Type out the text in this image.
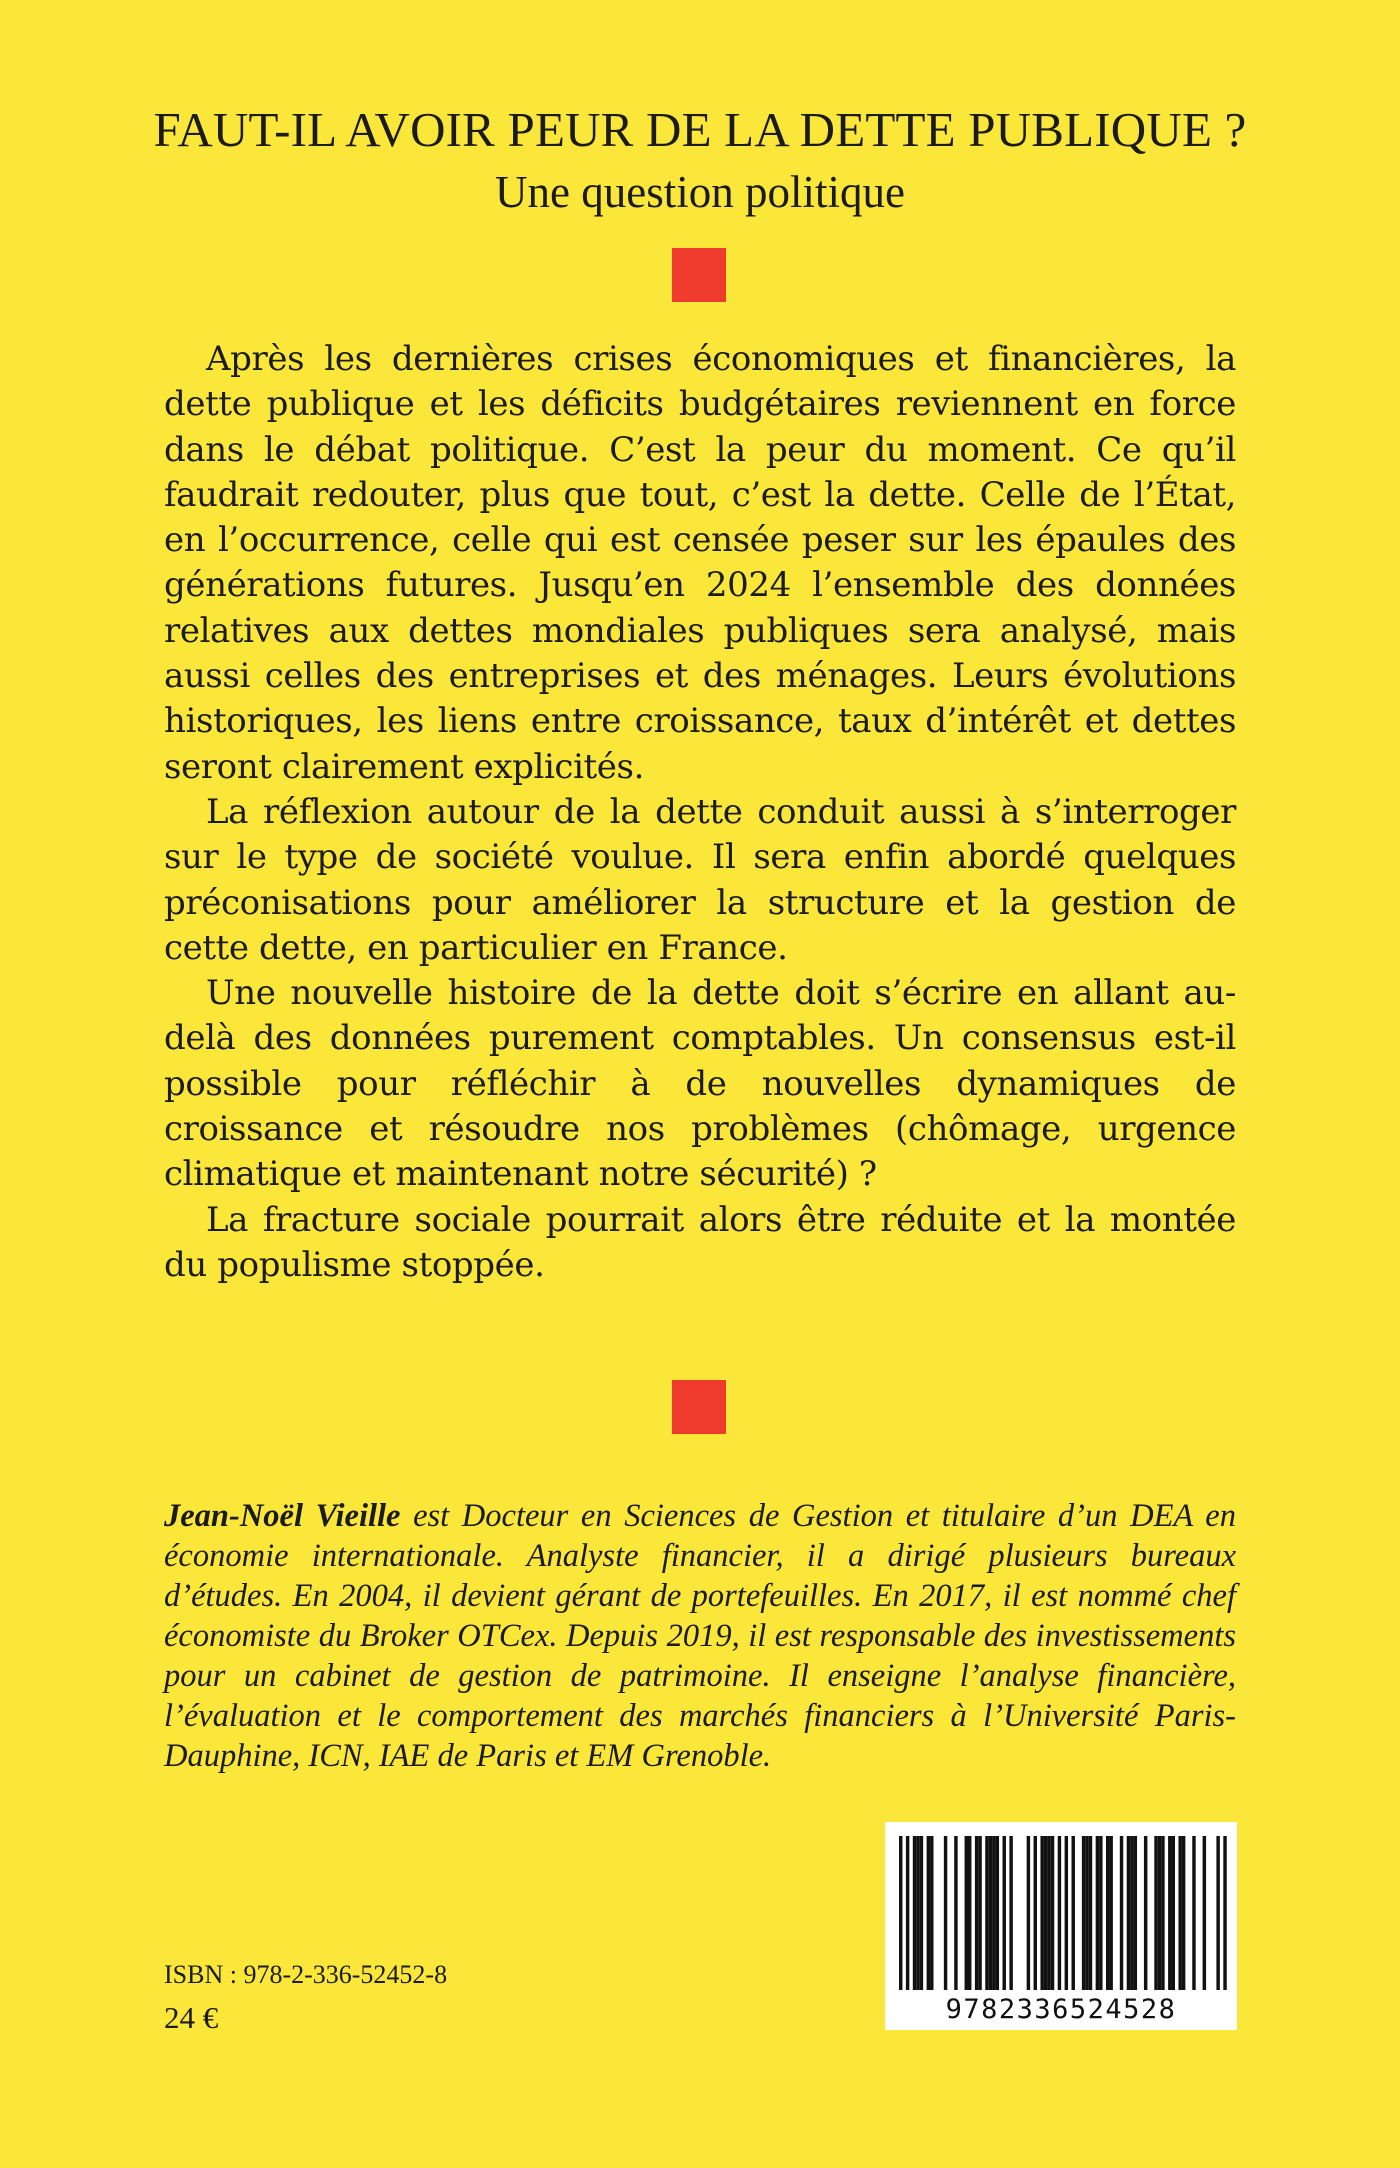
FAUT-IL AVOIR PEUR DE LA DETTE PUBLIQUE ?
Une question politique

Après les dernières crises économiques et financières, la dette publique et les déficits budgétaires reviennent en force dans le débat politique. C’est la peur du moment. Ce qu’il faudrait redouter, plus que tout, c’est la dette. Celle de l’État, en l’occurrence, celle qui est censée peser sur les épaules des générations futures. Jusqu’en 2024 l’ensemble des données relatives aux dettes mondiales publiques sera analysé, mais aussi celles des entreprises et des ménages. Leurs évolutions historiques, les liens entre croissance, taux d’intérêt et dettes seront clairement explicités.

La réflexion autour de la dette conduit aussi à s’interroger sur le type de société voulue. Il sera enfin abordé quelques préconisations pour améliorer la structure et la gestion de cette dette, en particulier en France.

Une nouvelle histoire de la dette doit s’écrire en allant au-delà des données purement comptables. Un consensus est-il possible pour réfléchir à de nouvelles dynamiques de croissance et résoudre nos problèmes (chômage, urgence climatique et maintenant notre sécurité) ?

La fracture sociale pourrait alors être réduite et la montée du populisme stoppée.

Jean-Noël Vieille est Docteur en Sciences de Gestion et titulaire d’un DEA en économie internationale. Analyste financier, il a dirigé plusieurs bureaux d’études. En 2004, il devient gérant de portefeuilles. En 2017, il est nommé chef économiste du Broker OTCex. Depuis 2019, il est responsable des investissements pour un cabinet de gestion de patrimoine. Il enseigne l’analyse financière, l’évaluation et le comportement des marchés financiers à l’Université Paris-Dauphine, ICN, IAE de Paris et EM Grenoble.

ISBN : 978-2-336-52452-8
24 €	9782336524528
